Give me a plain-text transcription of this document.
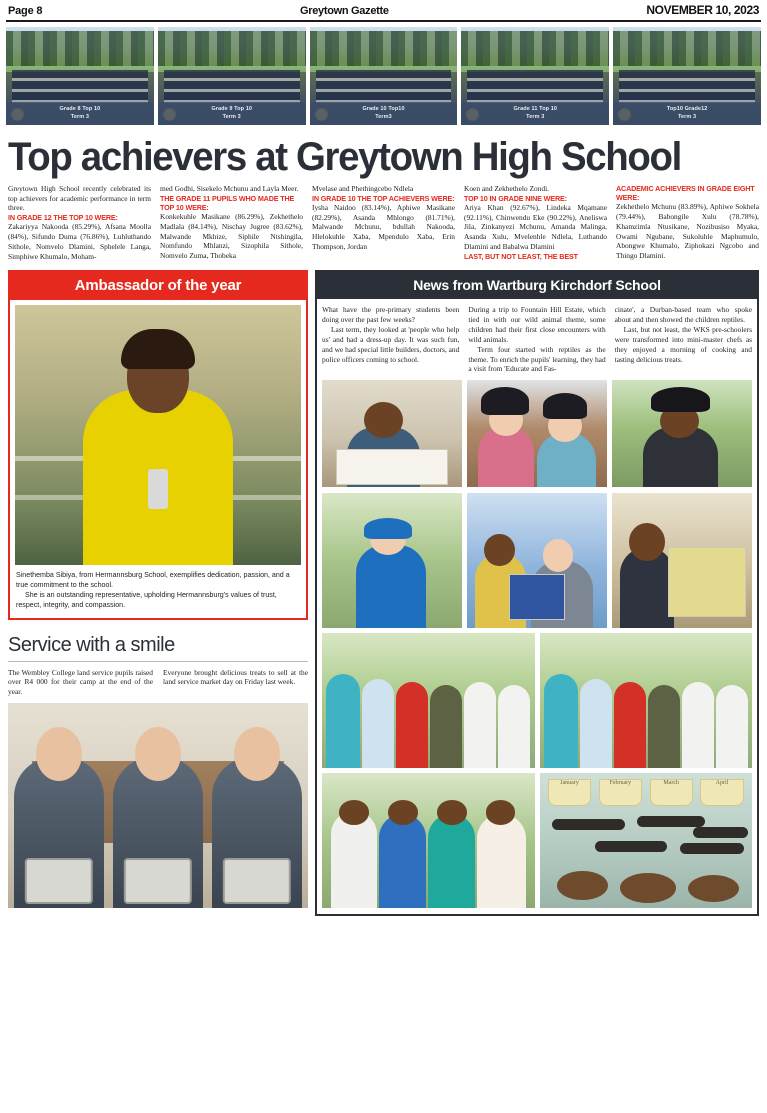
Page 8	Greytown Gazette	NOVEMBER 10, 2023
Grade 8 Top 10
Term 3
Grade 9 Top 10
Term 3
Grade 10 Top10
Term3
Grade 11 Top 10
Term 3
Top10 Grade12
Term 3
Top achievers at Greytown High School

Greytown High School recently celebrated its top achievers for academic performance in term three.

IN GRADE 12 THE TOP 10 WERE:

Zakariyya Nakooda (85.29%), Afsana Moolla (84%), Sifundo Duma (76.86%), Luhluthando Sithole, Nomvelo Dlamini, Sphelele Langa, Simphiwe Khumalo, Moham-

med Godhi, Sisekelo Mchunu and Layla Meer.

THE GRADE 11 PUPILS WHO MADE THE TOP 10 WERE:

Konkekuhle Masikane (86.29%), Zekhethelo Madlala (84.14%), Nischay Jugree (83.62%), Malwande Mkhize, Siphile Ntshingila, Nomfundo Mhlanzi, Sizophila Sithole, Nomvelo Zuma, Thobeka

Mvelase and Phethingcebo Ndlela

IN GRADE 10 THE TOP ACHIEVERS WERE:

Iysha Naidoo (83.14%), Aphiwe Masikane (82.29%), Asanda Mhlongo (81.71%), Malwande Mchunu, bdullah Nakooda, Hlelokuhle Xaba, Mpendulo Xaba, Erin Thompson, Jordan

Koen and Zekhethelo Zondi.

TOP 10 IN GRADE NINE WERE:

Ariya Khan (92.67%), Lindeka Mqamane (92.11%), Chinwendu Eke (90.22%), Aneliswa Jila, Zinkanyezi Mchunu, Amanda Malinga, Asanda Xulu, Mvelenhle Ndlela, Luthando Dlamini and Babalwa Dlamini

LAST, BUT NOT LEAST, THE BEST

ACADEMIC ACHIEVERS IN GRADE EIGHT WERE:

Zekhethelo Mchunu (83.89%), Aphiwe Sokhela (79.44%), Babongile Xulu (78.78%), Khamzimla Ntusikane, Nozibusiso Myaka, Owami Ngubane, Sukoluhle Maphumulo, Abongwe Khumalo, Ziphokazi Ngcobo and Thingo Dlamini.

Ambassador of the year

Sinethemba Sibiya, from Hermannsburg School, exemplifies dedication, passion, and a true commitment to the school.

She is an outstanding representative, upholding Hermannsburg's values of trust, respect, integrity, and compassion.

Service with a smile
The Wembley College land service pupils raised over R4 000 for their camp at the end of the year.
Everyone brought delicious treats to sell at the land service market day on Friday last week.
News from Wartburg Kirchdorf School

What have the pre-primary students been doing over the past few weeks?

Last term, they looked at 'people who help us' and had a dress-up day. It was such fun, and we had special little builders, doctors, and police officers coming to school.

During a trip to Fountain Hill Estate, which tied in with our wild animal theme, some children had their first close encounters with wild animals.

Term four started with reptiles as the theme. To enrich the pupils' learning, they had a visit from 'Educate and Fas-

cinate', a Durban-based team who spoke about and then showed the children reptiles.

Last, but not least, the WKS pre-schoolers were transformed into mini-master chefs as they enjoyed a morning of cooking and tasting delicious treats.

January	February	March	April
